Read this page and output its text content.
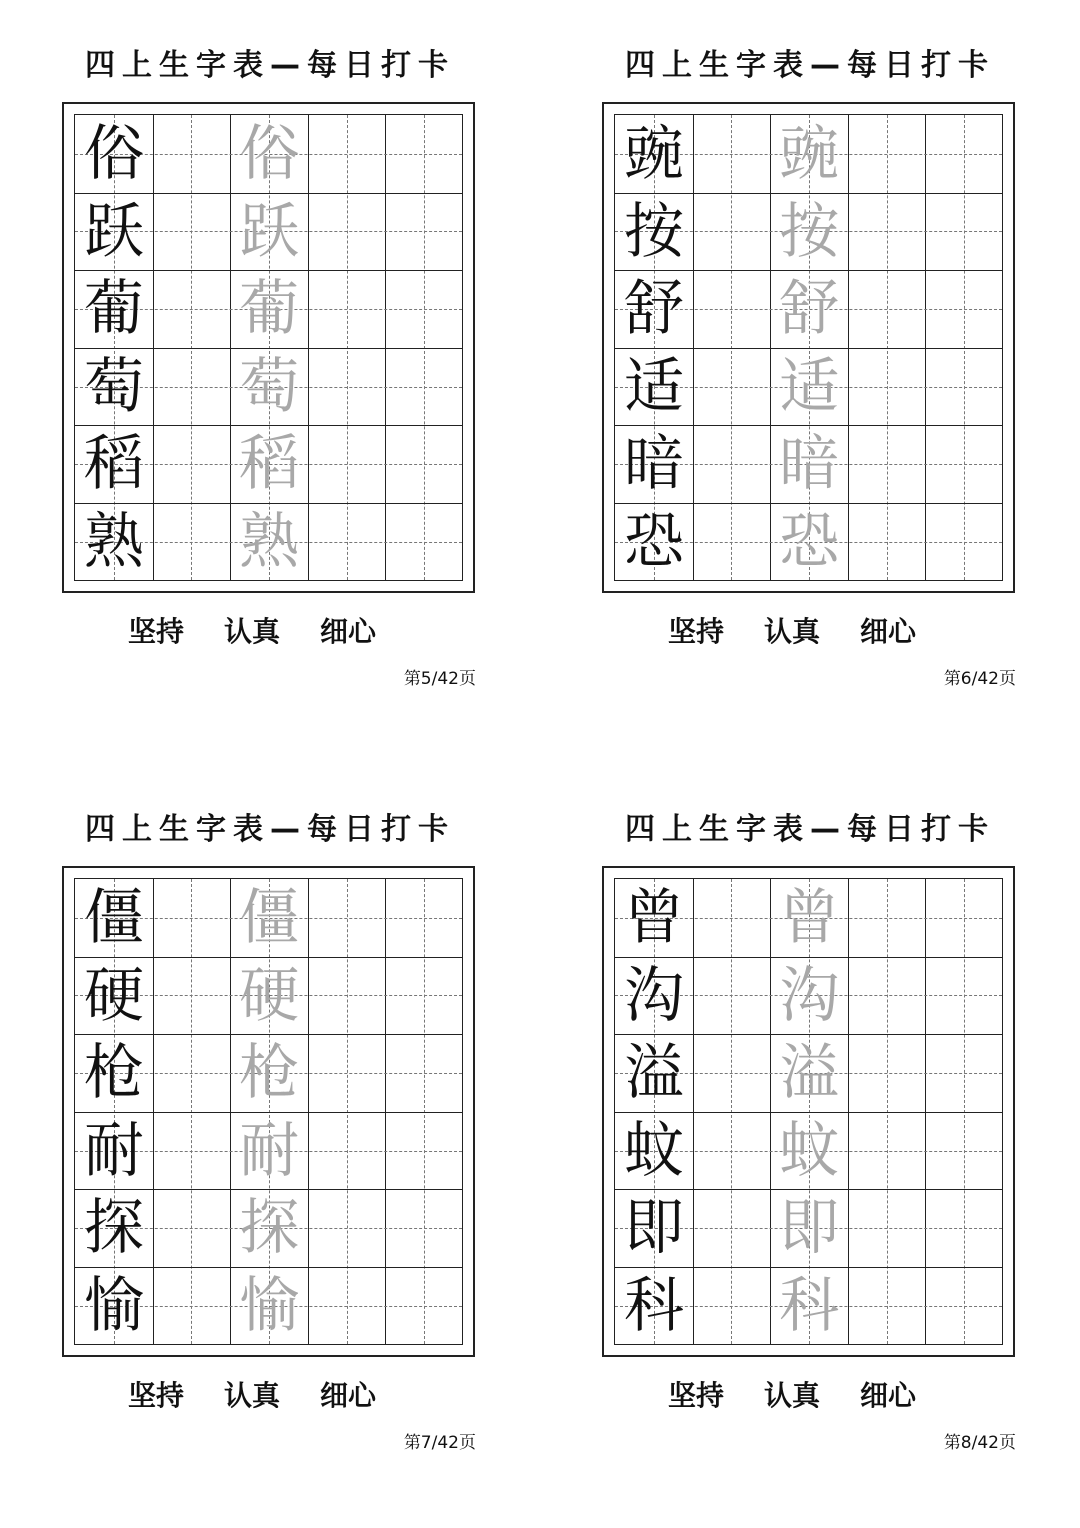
四上生字表—每日打卡
俗 俗
跃 跃
葡 葡
萄 萄
稻 稻
熟 熟
坚持 认真 细心
第5/42页
四上生字表—每日打卡
豌 豌
按 按
舒 舒
适 适
暗 暗
恐 恐
坚持 认真 细心
第6/42页
四上生字表—每日打卡
僵 僵
硬 硬
枪 枪
耐 耐
探 探
愉 愉
坚持 认真 细心
第7/42页
四上生字表—每日打卡
曾 曾
沟 沟
溢 溢
蚊 蚊
即 即
科 科
坚持 认真 细心
第8/42页
